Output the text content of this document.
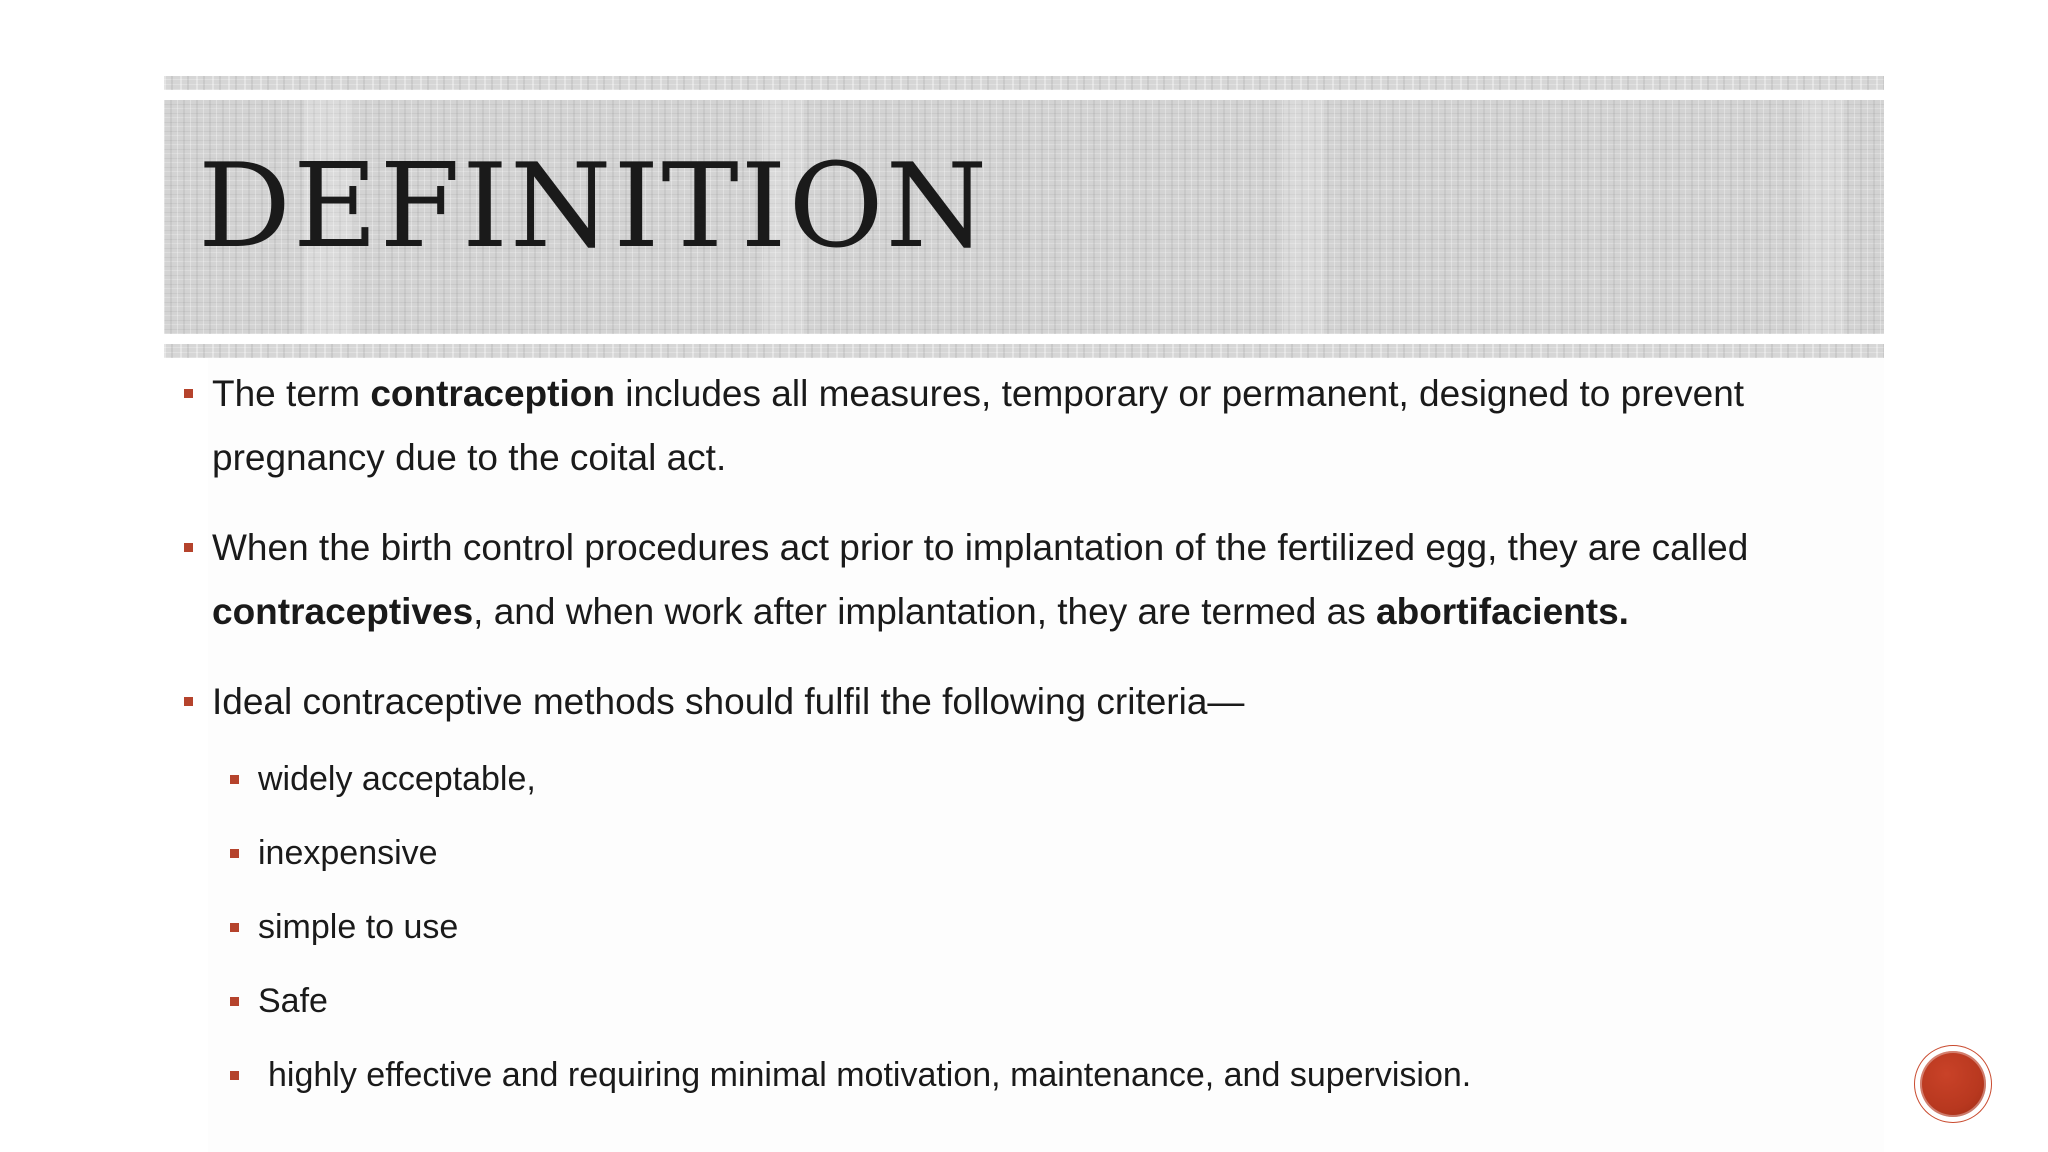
DEFINITION
The term contraception includes all measures, temporary or permanent, designed to prevent pregnancy due to the coital act.
When the birth control procedures act prior to implantation of the fertilized egg, they are called contraceptives, and when work after implantation, they are termed as abortifacients.
Ideal contraceptive methods should fulfil the following criteria—
widely acceptable,
inexpensive
simple to use
Safe
highly effective and requiring minimal motivation, maintenance, and supervision.
